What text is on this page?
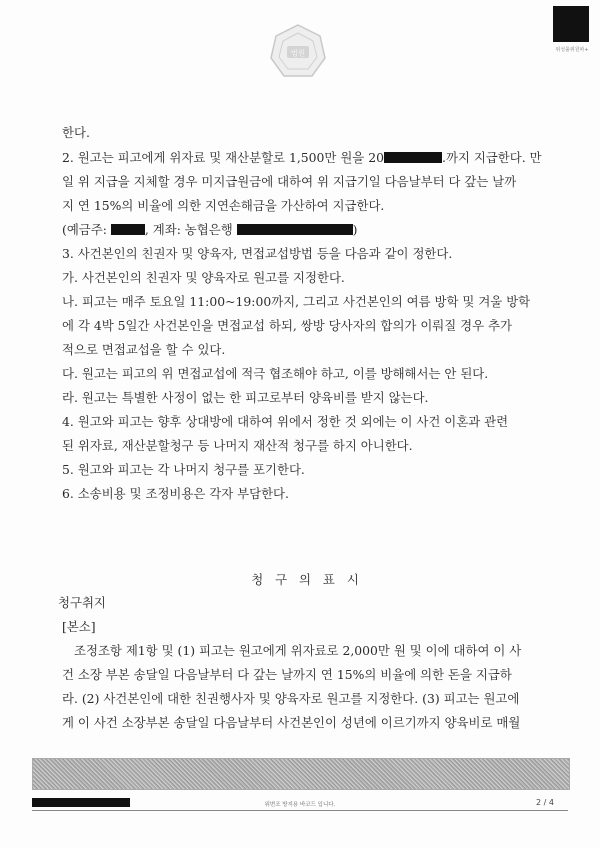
법원	위성룰위원파+
한다.
2. 원고는 피고에게 위자료 및 재산분할로 1,500만 원을 20	.까지 지급한다. 만
일 위 지급을 지체할 경우 미지급원금에 대하여 위 지급기일 다음날부터 다 갚는 날까
지 연 15%의 비율에 의한 지연손해금을 가산하여 지급한다.
(예금주:	, 계좌: 농협은행	)
3. 사건본인의 친권자 및 양육자, 면접교섭방법 등을 다음과 같이 정한다.
가. 사건본인의 친권자 및 양육자로 원고를 지정한다.
나. 피고는 매주 토요일 11:00~19:00까지, 그리고 사건본인의 여름 방학 및 겨울 방학
에 각 4박 5일간 사건본인을 면접교섭 하되, 쌍방 당사자의 합의가 이뤄질 경우 추가
적으로 면접교섭을 할 수 있다.
다. 원고는 피고의 위 면접교섭에 적극 협조해야 하고, 이를 방해해서는 안 된다.
라. 원고는 특별한 사정이 없는 한 피고로부터 양육비를 받지 않는다.
4. 원고와 피고는 향후 상대방에 대하여 위에서 정한 것 외에는 이 사건 이혼과 관련
된 위자료, 재산분할청구 등 나머지 재산적 청구를 하지 아니한다.
5. 원고와 피고는 각 나머지 청구를 포기한다.
6. 소송비용 및 조정비용은 각자 부담한다.
청 구 의 표 시
청구취지
[본소]
조정조항 제1항 및 (1) 피고는 원고에게 위자료로 2,000만 원 및 이에 대하여 이 사
건 소장 부본 송달일 다음날부터 다 갚는 날까지 연 15%의 비율에 의한 돈을 지급하
라. (2) 사건본인에 대한 친권행사자 및 양육자로 원고를 지정한다. (3) 피고는 원고에
게 이 사건 소장부본 송달일 다음날부터 사건본인이 성년에 이르기까지 양육비로 매월
위변조 방지용 바코드 입니다.	2 / 4
